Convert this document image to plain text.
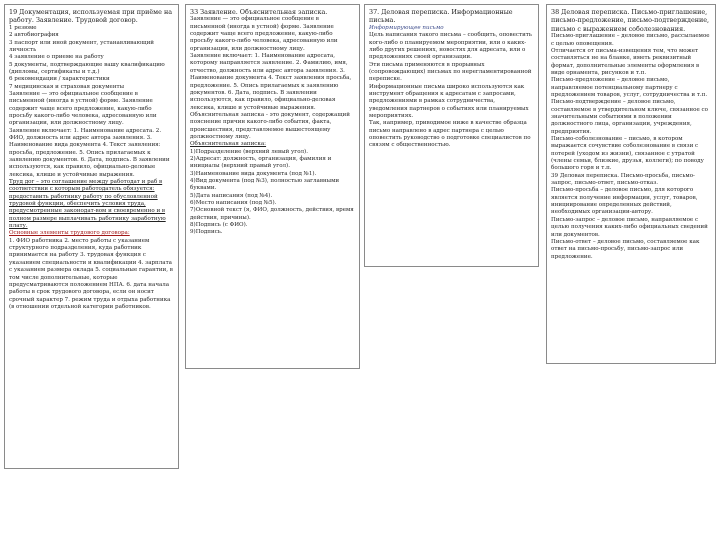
19 Документация, используемая при приёме на работу. Заявление. Трудовой договор.
1 резюме
2 автобиография
3 паспорт или иной документ, устанавливающий личность
4 заявление о приеме на работу
5 документы, подтверждающие вашу квалификацию (дипломы, сертификаты и т.д.)
6 рекомендации / характеристики
7 медицинская и страховая документы
Заявление — это официальное сообщение в письменной (иногда в устной) форме. Заявление содержит чаще всего предложение, какую-либо просьбу какого-либо человека, адресованную или организации, или должностному лицу.
Заявление включает: 1. Наименование адресата. 2. ФИО, должность или адрес автора заявления. 3. Наименование вида документа 4. Текст заявления: просьба, предложение. 5. Опись прилагаемых к заявлению документов. 6. Дата, подпись. В заявлении используются, как правило, официально-деловые лексика, клише и устойчивые выражения.
Труд дог – это соглашение между работодат и раб в соответствии с которым работодатель обязуется: предоставить работнику работу по обусловленной трудовой функции, обеспечить условия труда, предусмотренные законодат-вом и своевременно и в полном размере выплачивать работнику заработную плату.
Основные элементы трудового договора:
1. ФИО работника 2. место работы с указанием структурного подразделения, куда работник принимается на работу 3. трудовая функция с указанием специальности и квалификации 4. зарплата с указанием размера оклада 5. социальные гарантии, в том числе дополнительные, которые предусматриваются положением НПА. 6. дата начала работы в срок трудового договора, если он носит срочный характер 7. режим труда и отдыха работника (в отношении отдельной категории работников.
33 Заявление. Объяснительная записка.
Заявление — это официальное сообщение в письменной (иногда в устной) форме. Заявление содержит чаще всего предложение, какую-либо просьбу какого-либо человека, адресованную или организации, или должностному лицу.
Заявление включает: 1. Наименование адресата, которому направляется заявление. 2. Фамилию, имя, отчество, должность или адрес автора заявления. 3. Наименование документа 4. Текст заявления просьба, предложение. 5. Опись прилагаемых к заявлению документов. 6. Дата, подпись. В заявлении используются, как правило, официально-деловая лексика, клише и устойчивые выражения.
Объяснительная записка - это документ, содержащий пояснение причин какого-либо события, факта, происшествия, представляемое вышестоящему должностному лицу.
Объяснительная записка:
1)Подразделение (верхний левый угол).
2)Адресат: должность, организация, фамилия и инициалы (верхний правый угол).
3)Наименование вида документа (под №1).
4)Вид документа (под №3), полностью заглавными буквами.
5)Дата написания (под №4).
6)Место написания (под №5).
7)Основной текст (я, ФИО, должность, действия, время действия, причины).
8)Подпись (с ФИО).
9)Подпись.
37. Деловая переписка. Информационные письма.
Информирующее письмо
Цель написания такого письма – сообщить, оповестить кого-либо о планируемом мероприятии, или о каких-либо других решениях, новостях для адресата, или о предложениях своей организации.
Эти письма применяются в прорывных (сопровождающих) письмах по нерегламентированной переписке.
Информационные письма широко используются как инструмент обращения к адресатам с запросами, предложениями в рамках сотрудничества, уведомления партнеров о событиях или планируемых мероприятиях.
Так, например, приводимое ниже в качестве образца письмо направлено в адрес партнера с целью оповестить руководство о подготовке специалистов по связям с общественностью.
38 Деловая переписка. Письмо-приглашение, письмо-предложение, письмо-подтверждение, письмо с выражением соболезнования.
Письмо-приглашение – деловое письмо, рассылаемое с целью оповещения.
Отличается от письма-извещения тем, что может составляться не на бланке, иметь реквизитный формат, дополнительные элементы оформления в виде орнамента, рисунков и т.п.
Письмо-предложение – деловое письмо, направляемое потенциальному партнеру с предложением товаров, услуг, сотрудничества и т.п.
Письмо-подтверждение – деловое письмо, составляемое в утвердительном ключе, связанное со значительными событиями в положении должностного лица, организации, учреждения, предприятия.
Письмо-соболезнование – письмо, в котором выражается сочувствие соболезнование в связи с потерей (уходом из жизни), связанное с утратой (члены семьи, близкие, друзья, коллеги); по поводу большого горя и т.п.
39 Деловая переписка. Письмо-просьба, письмо-запрос, письмо-ответ, письмо-отказ.
Письмо-просьба – деловое письмо, для которого является получение информации, услуг, товаров, инициирование определенных действий, необходимых организации-автору.
Письмо-запрос – деловое письмо, направляемое с целью получения каких-либо официальных сведений или документов.
Письмо-ответ – деловое письмо, составляемое как ответ на письмо-просьбу, письмо-запрос или предложение.
